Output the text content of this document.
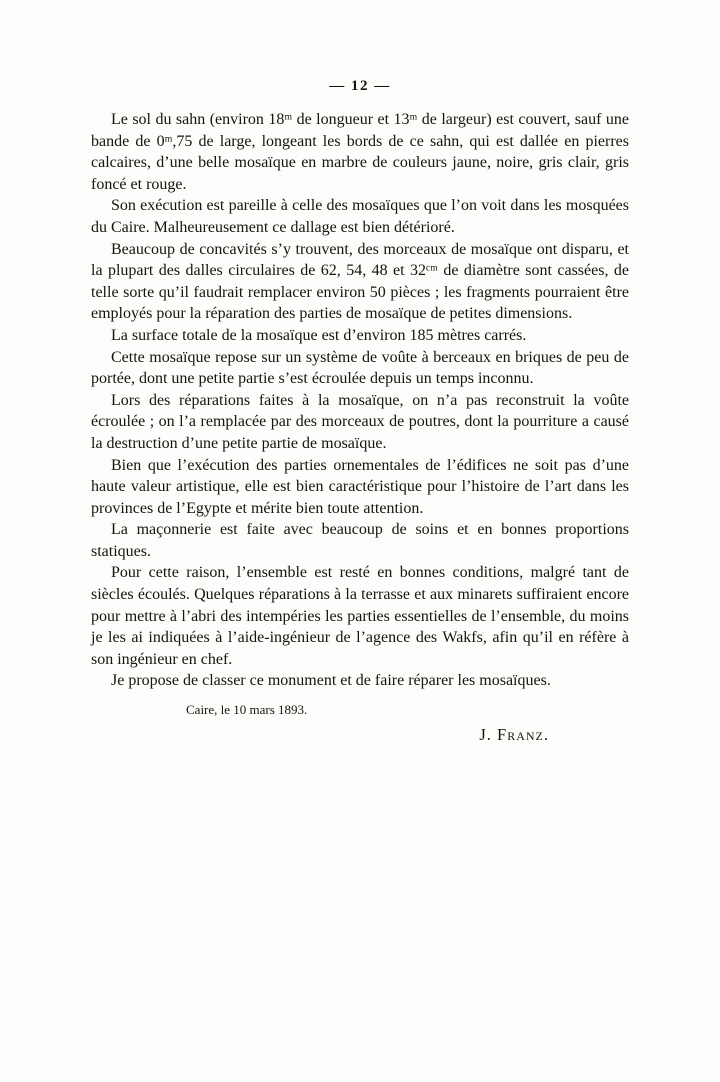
— 12 —

Le sol du sahn (environ 18ᵐ de longueur et 13ᵐ de largeur) est couvert, sauf une bande de 0ᵐ,75 de large, longeant les bords de ce sahn, qui est dallée en pierres calcaires, d’une belle mosaïque en marbre de couleurs jaune, noire, gris clair, gris foncé et rouge.

Son exécution est pareille à celle des mosaïques que l’on voit dans les mosquées du Caire. Malheureusement ce dallage est bien détérioré.

Beaucoup de concavités s’y trouvent, des morceaux de mosaïque ont disparu, et la plupart des dalles circulaires de 62, 54, 48 et 32ᶜᵐ de diamètre sont cassées, de telle sorte qu’il faudrait remplacer environ 50 pièces ; les fragments pourraient être employés pour la réparation des parties de mosaïque de petites dimensions.

La surface totale de la mosaïque est d’environ 185 mètres carrés.

Cette mosaïque repose sur un système de voûte à berceaux en briques de peu de portée, dont une petite partie s’est écroulée depuis un temps inconnu.

Lors des réparations faites à la mosaïque, on n’a pas reconstruit la voûte écroulée ; on l’a remplacée par des morceaux de poutres, dont la pourriture a causé la destruction d’une petite partie de mosaïque.

Bien que l’exécution des parties ornementales de l’édifices ne soit pas d’une haute valeur artistique, elle est bien caractéristique pour l’histoire de l’art dans les provinces de l’Egypte et mérite bien toute attention.

La maçonnerie est faite avec beaucoup de soins et en bonnes proportions statiques.

Pour cette raison, l’ensemble est resté en bonnes conditions, malgré tant de siècles écoulés. Quelques réparations à la terrasse et aux minarets suffiraient encore pour mettre à l’abri des intempéries les parties essentielles de l’ensemble, du moins je les ai indiquées à l’aide-ingénieur de l’agence des Wakfs, afin qu’il en réfère à son ingénieur en chef.

Je propose de classer ce monument et de faire réparer les mosaïques.

Caire, le 10 mars 1893.
J. Franz.
